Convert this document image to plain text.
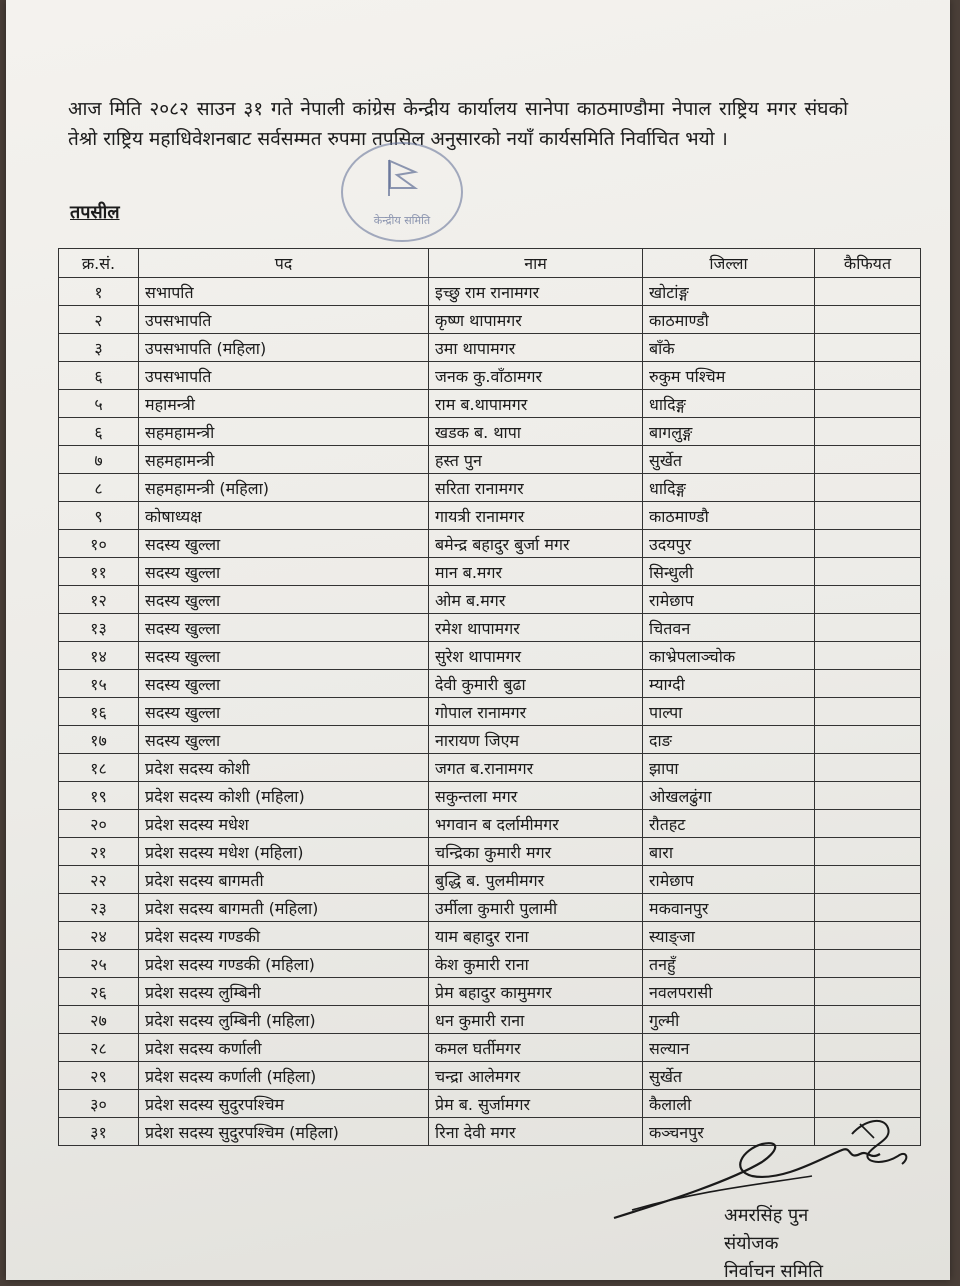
आज मिति २०८२ साउन ३१ गते नेपाली कांग्रेस केन्द्रीय कार्यालय सानेपा काठमाण्डौमा नेपाल राष्ट्रिय मगर संघको तेश्रो राष्ट्रिय महाधिवेशनबाट सर्वसम्मत रुपमा तपसिल अनुसारको नयाँ कार्यसमिति निर्वाचित भयो ।
केन्द्रीय समिति
तपसील
क्र.सं.	पद	नाम	जिल्ला	कैफियत
१	सभापति	इच्छु राम रानामगर	खोटांङ्ग	
२	उपसभापति	कृष्ण थापामगर	काठमाण्डौ	
३	उपसभापति (महिला)	उमा थापामगर	बाँके	
६	उपसभापति	जनक कु.वाँठामगर	रुकुम पश्चिम	
५	महामन्त्री	राम ब.थापामगर	धादिङ्ग	
६	सहमहामन्त्री	खडक ब. थापा	बागलुङ्ग	
७	सहमहामन्त्री	हस्त पुन	सुर्खेत	
८	सहमहामन्त्री (महिला)	सरिता रानामगर	धादिङ्ग	
९	कोषाध्यक्ष	गायत्री रानामगर	काठमाण्डौ	
१०	सदस्य खुल्ला	बमेन्द्र बहादुर बुर्जा मगर	उदयपुर	
११	सदस्य खुल्ला	मान ब.मगर	सिन्धुली	
१२	सदस्य खुल्ला	ओम ब.मगर	रामेछाप	
१३	सदस्य खुल्ला	रमेश थापामगर	चितवन	
१४	सदस्य खुल्ला	सुरेश थापामगर	काभ्रेपलाञ्चोक	
१५	सदस्य खुल्ला	देवी कुमारी बुढा	म्याग्दी	
१६	सदस्य खुल्ला	गोपाल रानामगर	पाल्पा	
१७	सदस्य खुल्ला	नारायण जिएम	दाङ	
१८	प्रदेश सदस्य कोशी	जगत ब.रानामगर	झापा	
१९	प्रदेश सदस्य कोशी (महिला)	सकुन्तला मगर	ओखलढुंगा	
२०	प्रदेश सदस्य मधेश	भगवान ब दर्लामीमगर	रौतहट	
२१	प्रदेश सदस्य मधेश (महिला)	चन्द्रिका कुमारी मगर	बारा	
२२	प्रदेश सदस्य बागमती	बुद्धि ब. पुलमीमगर	रामेछाप	
२३	प्रदेश सदस्य बागमती (महिला)	उर्मीला कुमारी पुलामी	मकवानपुर	
२४	प्रदेश सदस्य गण्डकी	याम बहादुर राना	स्याङ्जा	
२५	प्रदेश सदस्य गण्डकी (महिला)	केश कुमारी राना	तनहुँ	
२६	प्रदेश सदस्य लुम्बिनी	प्रेम बहादुर कामुमगर	नवलपरासी	
२७	प्रदेश सदस्य लुम्बिनी (महिला)	धन कुमारी राना	गुल्मी	
२८	प्रदेश सदस्य कर्णाली	कमल घर्तीमगर	सल्यान	
२९	प्रदेश सदस्य कर्णाली (महिला)	चन्द्रा आलेमगर	सुर्खेत	
३०	प्रदेश सदस्य सुदुरपश्चिम	प्रेम ब. सुर्जामगर	कैलाली	
३१	प्रदेश सदस्य सुदुरपश्चिम (महिला)	रिना देवी मगर	कञ्चनपुर	
अमरसिंह पुन
संयोजक
निर्वाचन समिति
